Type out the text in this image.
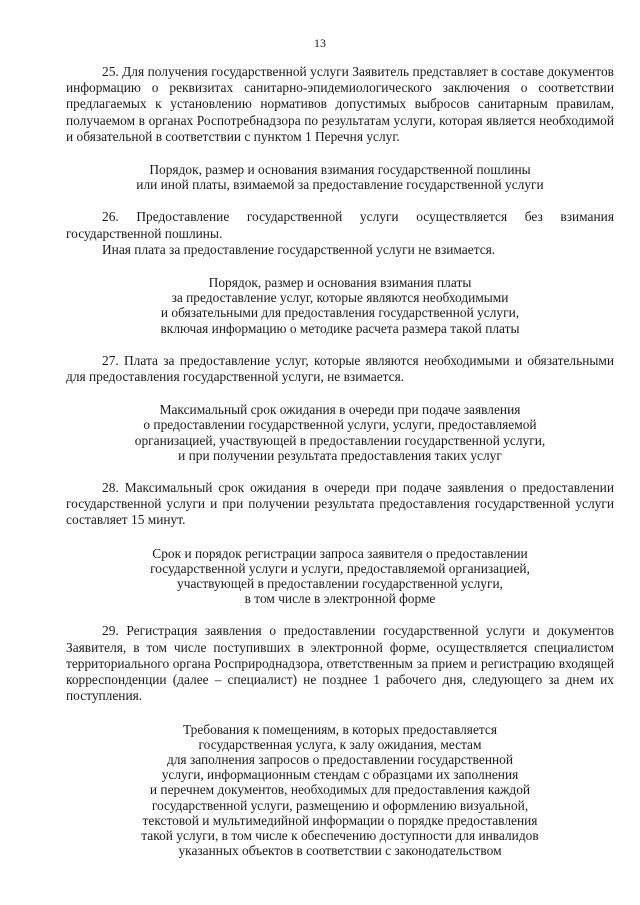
13

25. Для получения государственной услуги Заявитель представляет в составе документов информацию о реквизитах санитарно-эпидемиологического заключения о соответствии предлагаемых к установлению нормативов допустимых выбросов санитарным правилам, получаемом в органах Роспотребнадзора по результатам услуги, которая является необходимой и обязательной в соответствии с пунктом 1 Перечня услуг.

Порядок, размер и основания взимания государственной пошлины
или иной платы, взимаемой за предоставление государственной услуги

26. Предоставление государственной услуги осуществляется без взимания государственной пошлины.

Иная плата за предоставление государственной услуги не взимается.

Порядок, размер и основания взимания платы
за предоставление услуг, которые являются необходимыми
и обязательными для предоставления государственной услуги,
включая информацию о методике расчета размера такой платы

27. Плата за предоставление услуг, которые являются необходимыми и обязательными для предоставления государственной услуги, не взимается.

Максимальный срок ожидания в очереди при подаче заявления
о предоставлении государственной услуги, услуги, предоставляемой
организацией, участвующей в предоставлении государственной услуги,
и при получении результата предоставления таких услуг

28. Максимальный срок ожидания в очереди при подаче заявления о предоставлении государственной услуги и при получении результата предоставления государственной услуги составляет 15 минут.

Срок и порядок регистрации запроса заявителя о предоставлении
государственной услуги и услуги, предоставляемой организацией,
участвующей в предоставлении государственной услуги,
в том числе в электронной форме

29. Регистрация заявления о предоставлении государственной услуги и документов Заявителя, в том числе поступивших в электронной форме, осуществляется специалистом территориального органа Росприроднадзора, ответственным за прием и регистрацию входящей корреспонденции (далее – специалист) не позднее 1 рабочего дня, следующего за днем их поступления.

Требования к помещениям, в которых предоставляется
государственная услуга, к залу ожидания, местам
для заполнения запросов о предоставлении государственной
услуги, информационным стендам с образцами их заполнения
и перечнем документов, необходимых для предоставления каждой
государственной услуги, размещению и оформлению визуальной,
текстовой и мультимедийной информации о порядке предоставления
такой услуги, в том числе к обеспечению доступности для инвалидов
указанных объектов в соответствии с законодательством
